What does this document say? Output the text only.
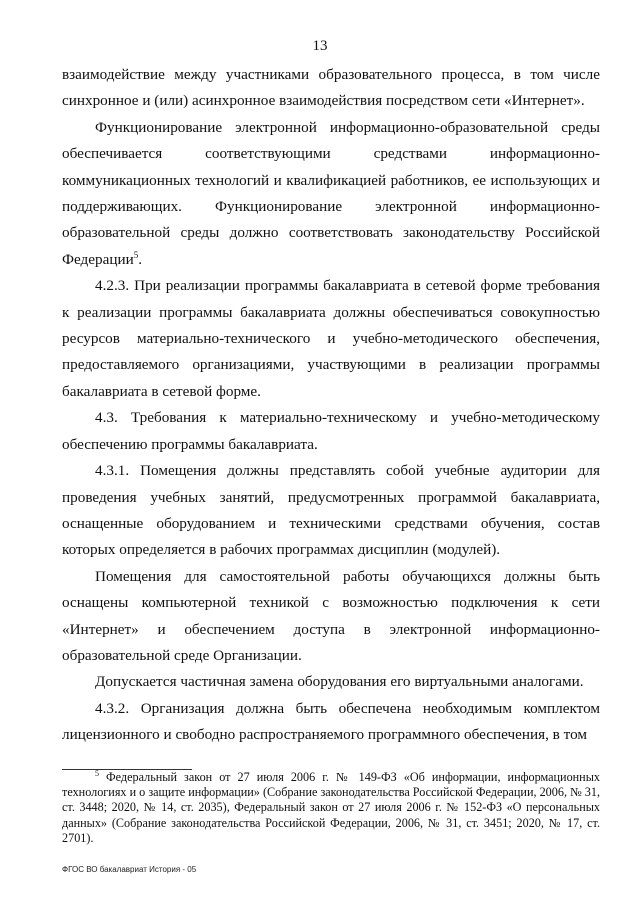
13

взаимодействие между участниками образовательного процесса, в том числе синхронное и (или) асинхронное взаимодействия посредством сети «Интернет».

Функционирование электронной информационно-образовательной среды обеспечивается соответствующими средствами информационно-коммуникационных технологий и квалификацией работников, ее использующих и поддерживающих. Функционирование электронной информационно-образовательной среды должно соответствовать законодательству Российской Федерации$^5$.

4.2.3. При реализации программы бакалавриата в сетевой форме требования к реализации программы бакалавриата должны обеспечиваться совокупностью ресурсов материально-технического и учебно-методического обеспечения, предоставляемого организациями, участвующими в реализации программы бакалавриата в сетевой форме.

4.3. Требования к материально-техническому и учебно-методическому обеспечению программы бакалавриата.

4.3.1. Помещения должны представлять собой учебные аудитории для проведения учебных занятий, предусмотренных программой бакалавриата, оснащенные оборудованием и техническими средствами обучения, состав которых определяется в рабочих программах дисциплин (модулей).

Помещения для самостоятельной работы обучающихся должны быть оснащены компьютерной техникой с возможностью подключения к сети «Интернет» и обеспечением доступа в электронной информационно-образовательной среде Организации.

Допускается частичная замена оборудования его виртуальными аналогами.

4.3.2. Организация должна быть обеспечена необходимым комплектом лицензионного и свободно распространяемого программного обеспечения, в том

$^5$ Федеральный закон от 27 июля 2006 г. № 149-ФЗ «Об информации, информационных технологиях и о защите информации» (Собрание законодательства Российской Федерации, 2006, № 31, ст. 3448; 2020, № 14, ст. 2035), Федеральный закон от 27 июля 2006 г. № 152-ФЗ «О персональных данных» (Собрание законодательства Российской Федерации, 2006, № 31, ст. 3451; 2020, № 17, ст. 2701).

ФГОС ВО бакалавриат История - 05
